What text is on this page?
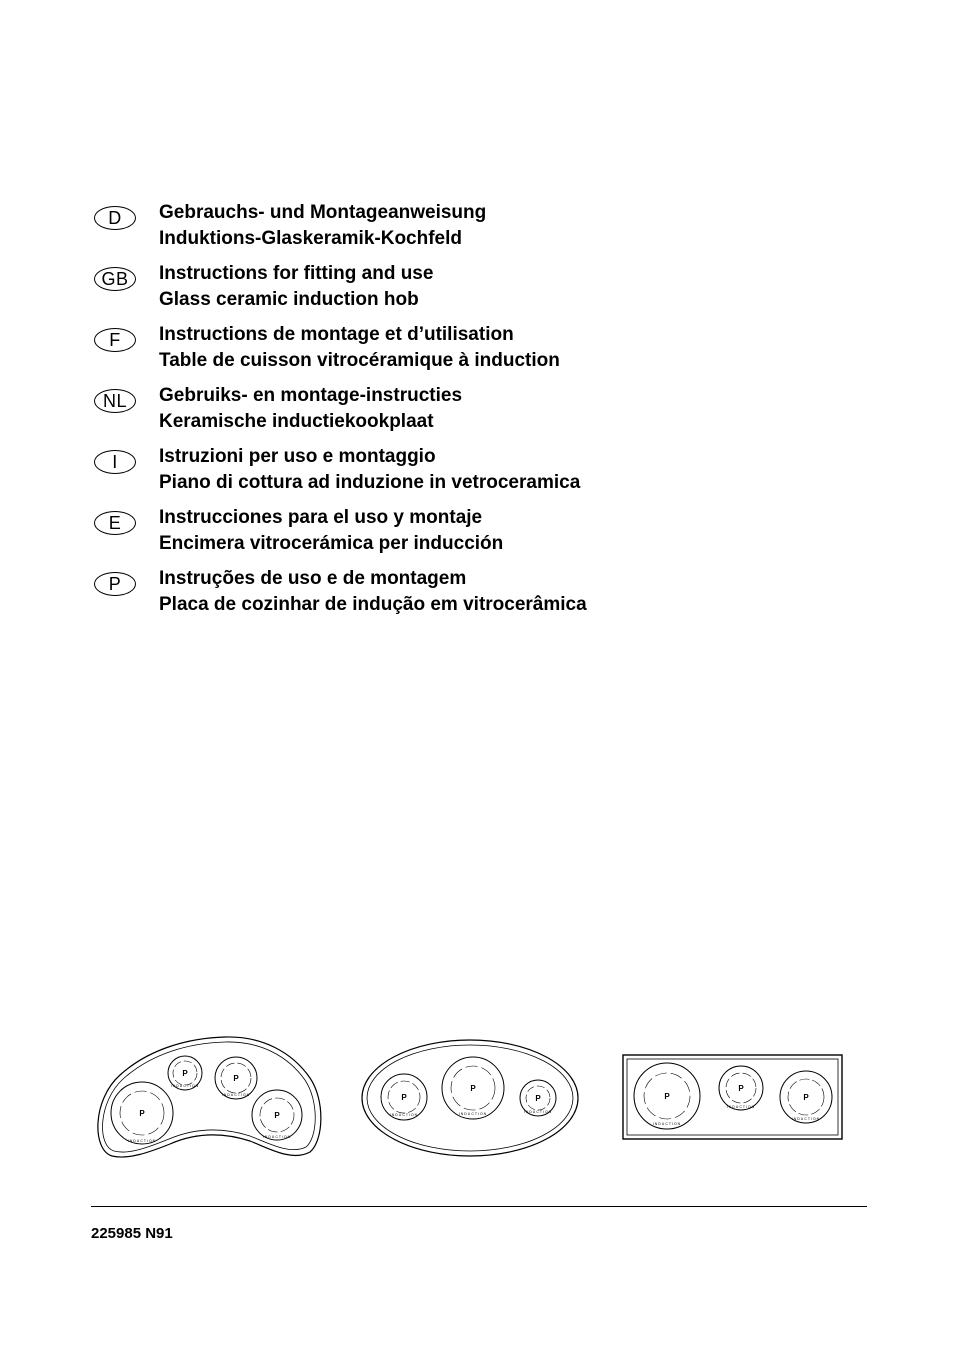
D	Gebrauchs- und Montageanweisung
Induktions-Glaskeramik-Kochfeld
GB	Instructions for fitting and use
Glass ceramic induction hob
F	Instructions de montage et d’utilisation
Table de cuisson vitrocéramique à induction
NL	Gebruiks- en montage-instructies
Keramische inductiekookplaat
I	Istruzioni per uso e montaggio
Piano di cottura ad induzione in vetroceramica
E	Instrucciones para el uso y montaje
Encimera vitrocerámica per inducción
P	Instruções de uso e de montagem
Placa de cozinhar de indução em vitrocerâmica
P
P
P	P
INDUCTION
INDUCTION
INDUCTION
INDUCTION
P
P
P
INDUCTION	INDUCTION	INDUCTION
P
P
P
INDUCTION
INDUCTION
INDUCTION
225985 N91
